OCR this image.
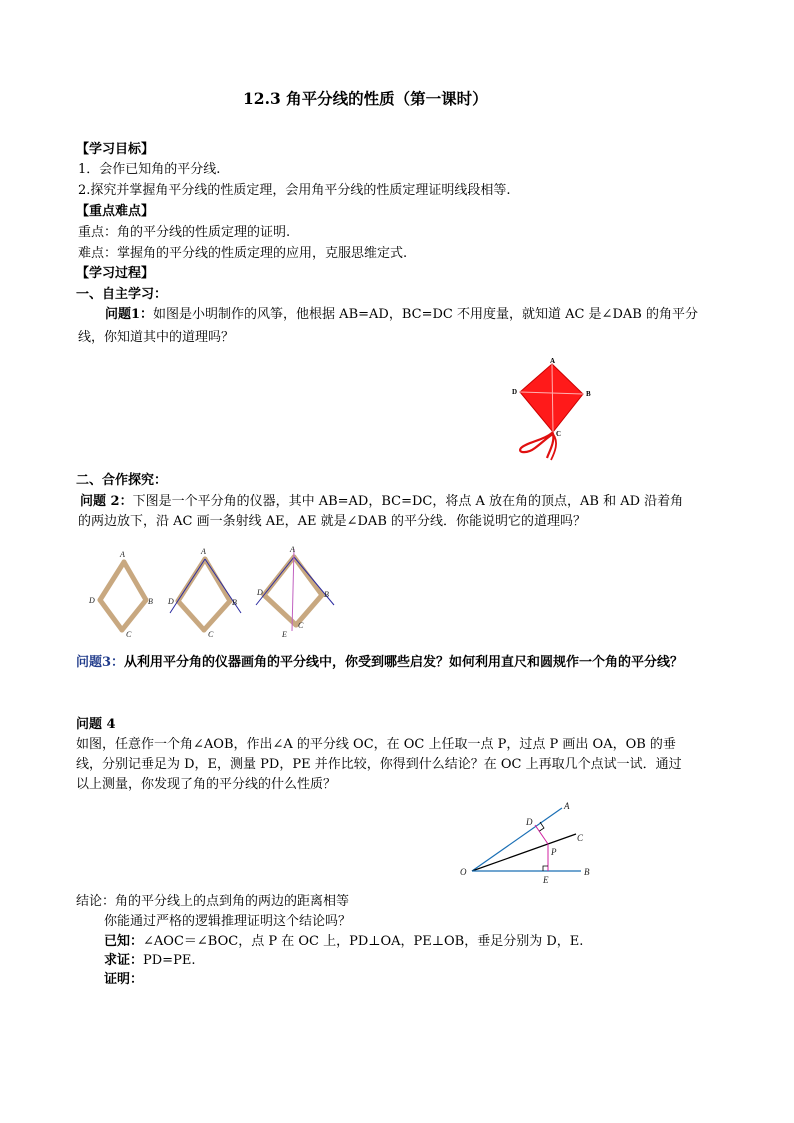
12.3 角平分线的性质（第一课时）
【学习目标】
1．会作已知角的平分线.
2.探究并掌握角平分线的性质定理，会用角平分线的性质定理证明线段相等.
【重点难点】
重点：角的平分线的性质定理的证明.
难点：掌握角的平分线的性质定理的应用，克服思维定式.
【学习过程】
一、自主学习：
问题1：如图是小明制作的风筝，他根据 AB=AD，BC=DC 不用度量，就知道 AC 是∠DAB 的角平分
线，你知道其中的道理吗？
A
B
C
D
二、合作探究：
问题 2：下图是一个平分角的仪器，其中 AB=AD，BC=DC，将点 A 放在角的顶点，AB 和 AD 沿着角
的两边放下，沿 AC 画一条射线 AE，AE 就是∠DAB 的平分线．你能说明它的道理吗？
A
D	B
C
A
D	B
C
A
D	B
C
E
问题3：从利用平分角的仪器画角的平分线中，你受到哪些启发？如何利用直尺和圆规作一个角的平分线？
问题 4
如图，任意作一个角∠AOB，作出∠A 的平分线 OC，在 OC 上任取一点 P，过点 P 画出 OA，OB 的垂
线，分别记垂足为 D，E，测量 PD，PE 并作比较，你得到什么结论？在 OC 上再取几个点试一试．通过
以上测量，你发现了角的平分线的什么性质？
A
C
D
P
O
E
B
结论：角的平分线上的点到角的两边的距离相等
你能通过严格的逻辑推理证明这个结论吗？
已知：∠AOC＝∠BOC，点 P 在 OC 上，PD⊥OA，PE⊥OB，垂足分别为 D，E.
求证：PD=PE.
证明：
